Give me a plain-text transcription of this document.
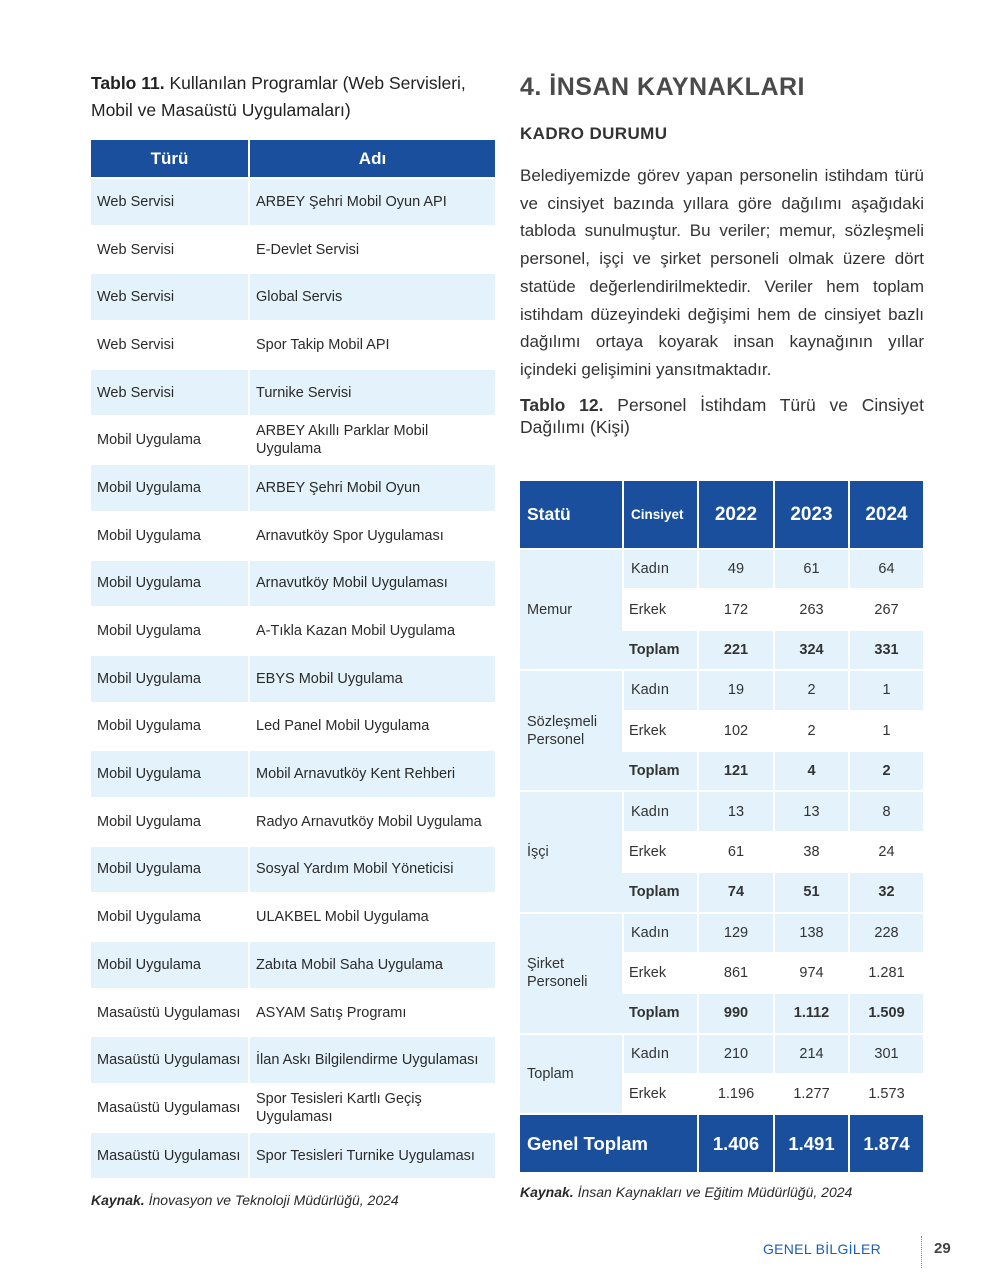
Tablo 11. Kullanılan Programlar (Web Servisleri, Mobil ve Masaüstü Uygulamaları)

Türü	Adı
Web Servisi	ARBEY Şehri Mobil Oyun API
Web Servisi	E-Devlet Servisi
Web Servisi	Global Servis
Web Servisi	Spor Takip Mobil API
Web Servisi	Turnike Servisi
Mobil Uygulama	ARBEY Akıllı Parklar Mobil Uygulama
Mobil Uygulama	ARBEY Şehri Mobil Oyun
Mobil Uygulama	Arnavutköy Spor Uygulaması
Mobil Uygulama	Arnavutköy Mobil Uygulaması
Mobil Uygulama	A-Tıkla Kazan Mobil Uygulama
Mobil Uygulama	EBYS Mobil Uygulama
Mobil Uygulama	Led Panel Mobil Uygulama
Mobil Uygulama	Mobil Arnavutköy Kent Rehberi
Mobil Uygulama	Radyo Arnavutköy Mobil Uygulama
Mobil Uygulama	Sosyal Yardım Mobil Yöneticisi
Mobil Uygulama	ULAKBEL Mobil Uygulama
Mobil Uygulama	Zabıta Mobil Saha Uygulama
Masaüstü Uygulaması	ASYAM Satış Programı
Masaüstü Uygulaması	İlan Askı Bilgilendirme Uygulaması
Masaüstü Uygulaması	Spor Tesisleri Kartlı Geçiş Uygulaması
Masaüstü Uygulaması	Spor Tesisleri Turnike Uygulaması

Kaynak. İnovasyon ve Teknoloji Müdürlüğü, 2024

4. İNSAN KAYNAKLARI
KADRO DURUMU

Belediyemizde görev yapan personelin istihdam türü ve cinsiyet bazında yıllara göre dağılımı aşağıdaki tabloda sunulmuştur. Bu veriler; memur, sözleşmeli personel, işçi ve şirket personeli olmak üzere dört statüde değerlendirilmektedir. Veriler hem toplam istihdam düzeyindeki değişimi hem de cinsiyet bazlı dağılımı ortaya koyarak insan kaynağının yıllar içindeki gelişimini yansıtmaktadır.

Tablo 12. Personel İstihdam Türü ve Cinsiyet Dağılımı (Kişi)

Statü	Cinsiyet	2022	2023	2024
Memur	Kadın	49	61	64
	Erkek	172	263	267
	Toplam	221	324	331
Sözleşmeli Personel	Kadın	19	2	1
	Erkek	102	2	1
	Toplam	121	4	2
İşçi	Kadın	13	13	8
	Erkek	61	38	24
	Toplam	74	51	32
Şirket Personeli	Kadın	129	138	228
	Erkek	861	974	1.281
	Toplam	990	1.112	1.509
Toplam	Kadın	210	214	301
	Erkek	1.196	1.277	1.573
Genel Toplam		1.406	1.491	1.874

Kaynak. İnsan Kaynakları ve Eğitim Müdürlüğü, 2024

GENEL BİLGİLER	29
